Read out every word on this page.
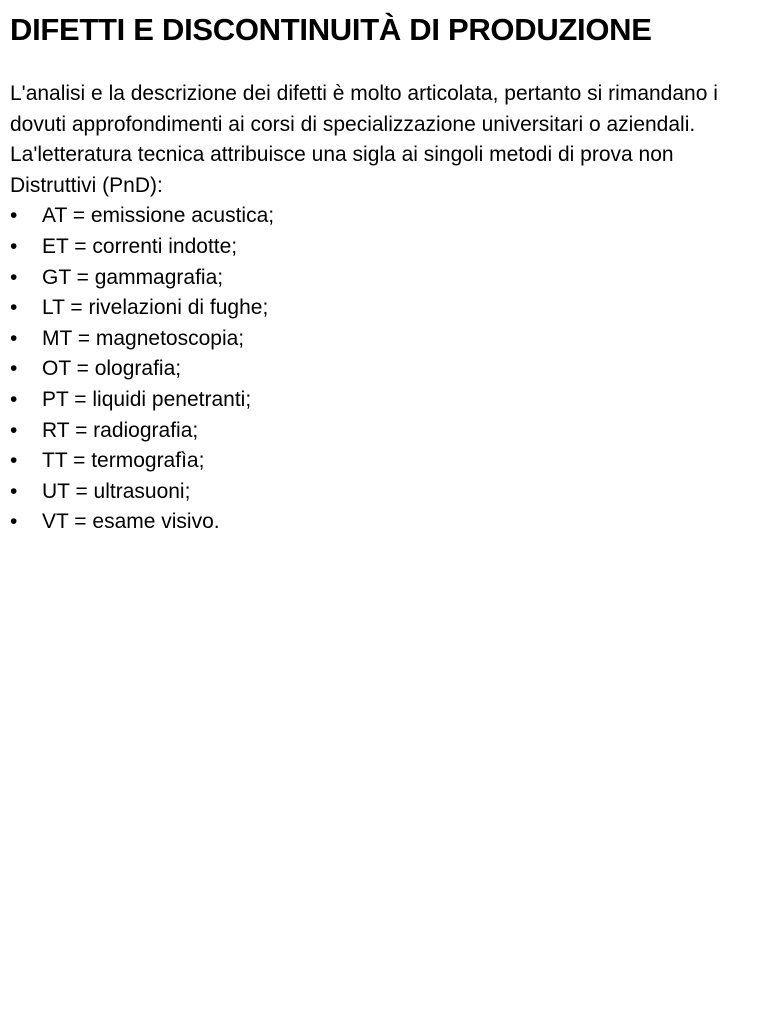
DIFETTI E DISCONTINUITÀ DI PRODUZIONE

L'analisi e la descrizione dei difetti è molto articolata, pertanto si rimandano i dovuti approfondimenti ai corsi di specializzazione universitari o aziendali.

La'letteratura tecnica attribuisce una sigla ai singoli metodi di prova non Distruttivi (PnD):

• AT = emissione acustica;
• ET = correnti indotte;
• GT = gammagrafia;
• LT = rivelazioni di fughe;
• MT = magnetoscopia;
• OT = olografia;
• PT = liquidi penetranti;
• RT = radiografia;
• TT = termografìa;
• UT = ultrasuoni;
• VT = esame visivo.
